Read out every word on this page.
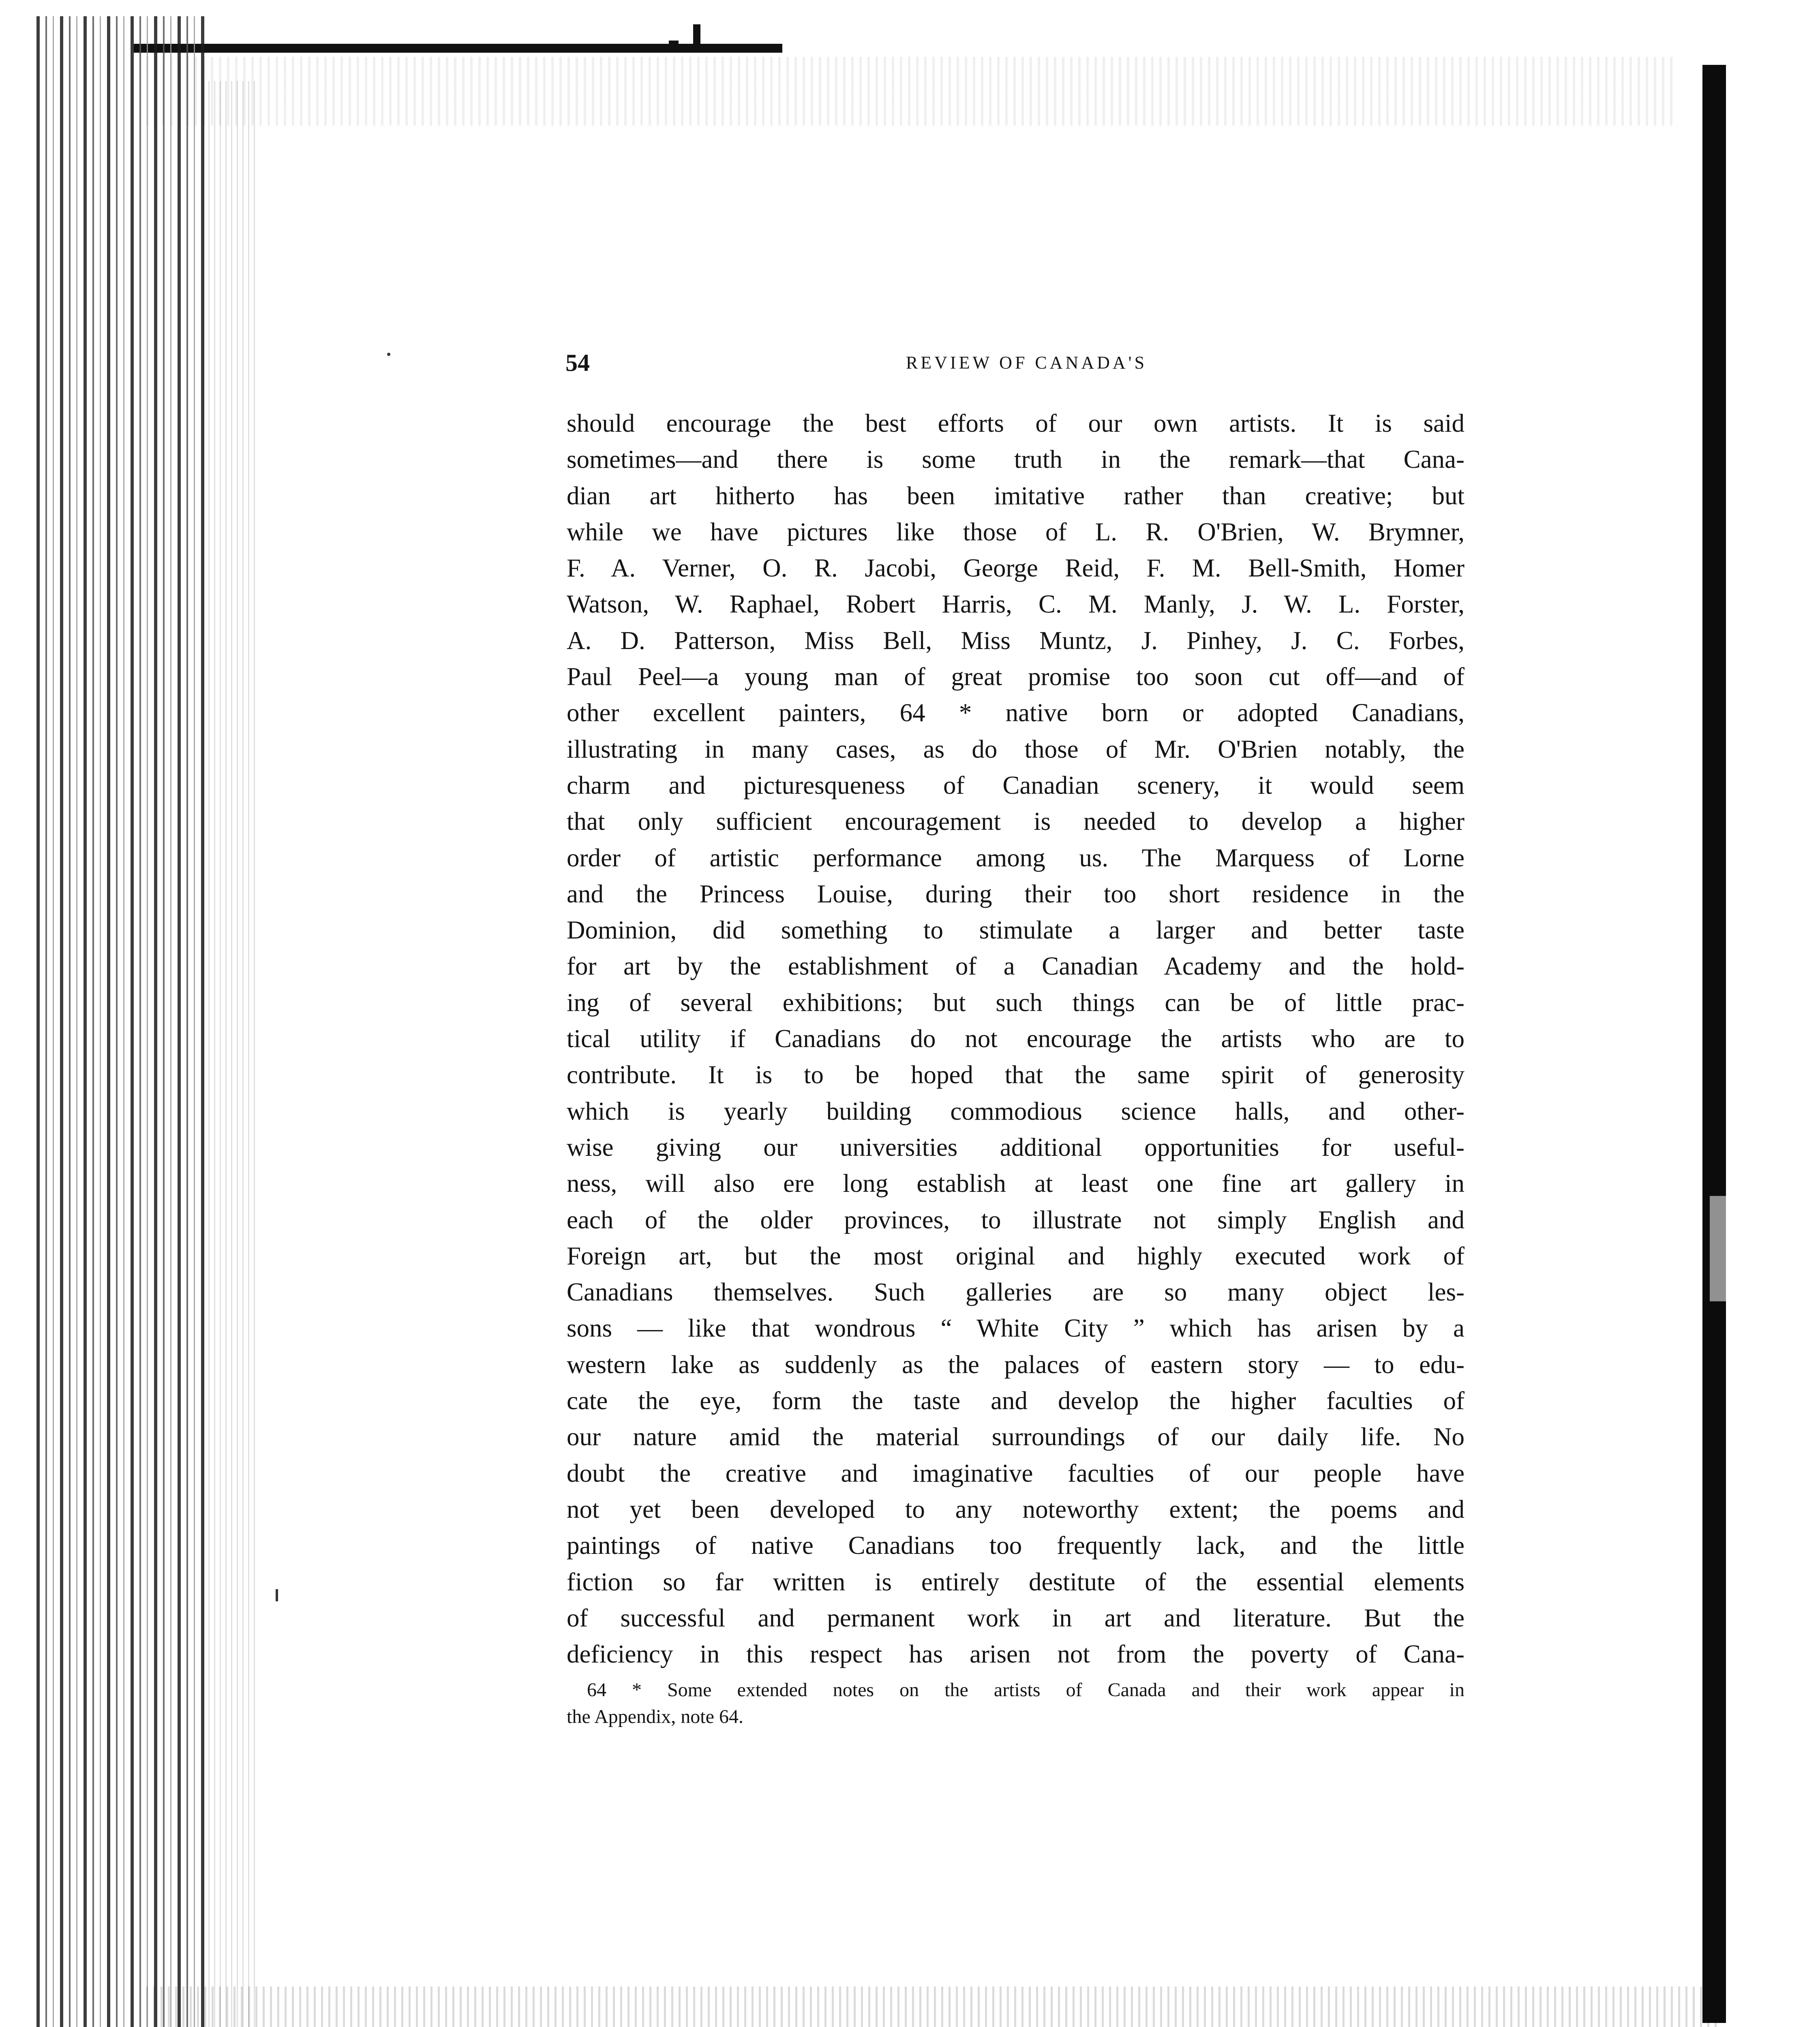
54	REVIEW OF CANADA'S
should encourage the best efforts of our own artists. It is said
sometimes—and there is some truth in the remark—that Cana-
dian art hitherto has been imitative rather than creative; but
while we have pictures like those of L. R. O'Brien, W. Brymner,
F. A. Verner, O. R. Jacobi, George Reid, F. M. Bell-Smith, Homer
Watson, W. Raphael, Robert Harris, C. M. Manly, J. W. L. Forster,
A. D. Patterson, Miss Bell, Miss Muntz, J. Pinhey, J. C. Forbes,
Paul Peel—a young man of great promise too soon cut off—and of
other excellent painters, 64 * native born or adopted Canadians,
illustrating in many cases, as do those of Mr. O'Brien notably, the
charm and picturesqueness of Canadian scenery, it would seem
that only sufficient encouragement is needed to develop a higher
order of artistic performance among us. The Marquess of Lorne
and the Princess Louise, during their too short residence in the
Dominion, did something to stimulate a larger and better taste
for art by the establishment of a Canadian Academy and the hold-
ing of several exhibitions; but such things can be of little prac-
tical utility if Canadians do not encourage the artists who are to
contribute. It is to be hoped that the same spirit of generosity
which is yearly building commodious science halls, and other-
wise giving our universities additional opportunities for useful-
ness, will also ere long establish at least one fine art gallery in
each of the older provinces, to illustrate not simply English and
Foreign art, but the most original and highly executed work of
Canadians themselves. Such galleries are so many object les-
sons — like that wondrous “ White City ” which has arisen by a
western lake as suddenly as the palaces of eastern story — to edu-
cate the eye, form the taste and develop the higher faculties of
our nature amid the material surroundings of our daily life. No
doubt the creative and imaginative faculties of our people have
not yet been developed to any noteworthy extent; the poems and
paintings of native Canadians too frequently lack, and the little
fiction so far written is entirely destitute of the essential elements
of successful and permanent work in art and literature. But the
deficiency in this respect has arisen not from the poverty of Cana-
64 * Some extended notes on the artists of Canada and their work appear in
the Appendix, note 64.
